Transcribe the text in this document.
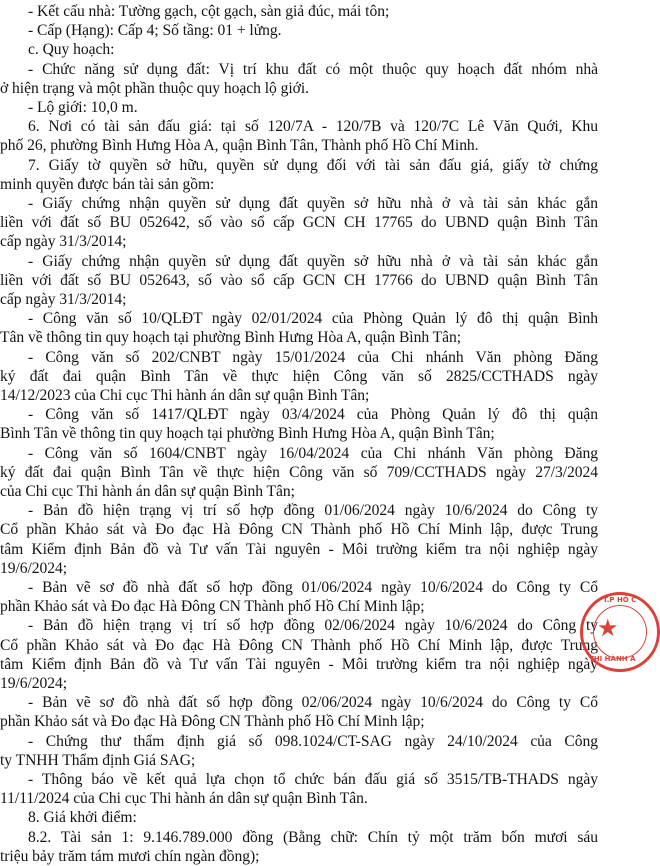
- Kết cấu nhà: Tường gạch, cột gạch, sàn giả đúc, mái tôn;
- Cấp (Hạng): Cấp 4; Số tầng: 01 + lửng.
c. Quy hoạch:
- Chức năng sử dụng đất: Vị trí khu đất có một thuộc quy hoạch đất nhóm nhà
ở hiện trạng và một phần thuộc quy hoạch lộ giới.
- Lộ giới: 10,0 m.
6. Nơi có tài sản đấu giá: tại số 120/7A - 120/7B và 120/7C Lê Văn Quới, Khu
phố 26, phường Bình Hưng Hòa A, quận Bình Tân, Thành phố Hồ Chí Minh.
7. Giấy tờ quyền sở hữu, quyền sử dụng đối với tài sản đấu giá, giấy tờ chứng
minh quyền được bán tài sản gồm:
- Giấy chứng nhận quyền sử dụng đất quyền sở hữu nhà ở và tài sản khác gắn
liền với đất số BU 052642, số vào sổ cấp GCN CH 17765 do UBND quận Bình Tân
cấp ngày 31/3/2014;
- Giấy chứng nhận quyền sử dụng đất quyền sở hữu nhà ở và tài sản khác gắn
liền với đất số BU 052643, số vào sổ cấp GCN CH 17766 do UBND quận Bình Tân
cấp ngày 31/3/2014;
- Công văn số 10/QLĐT ngày 02/01/2024 của Phòng Quản lý đô thị quận Bình
Tân về thông tin quy hoạch tại phường Bình Hưng Hòa A, quận Bình Tân;
- Công văn số 202/CNBT ngày 15/01/2024 của Chi nhánh Văn phòng Đăng
ký đất đai quận Bình Tân về thực hiện Công văn số 2825/CCTHADS ngày
14/12/2023 của Chi cục Thi hành án dân sự quận Bình Tân;
- Công văn số 1417/QLĐT ngày 03/4/2024 của Phòng Quản lý đô thị quận
Bình Tân về thông tin quy hoạch tại phường Bình Hưng Hòa A, quận Bình Tân;
- Công văn số 1604/CNBT ngày 16/04/2024 của Chi nhánh Văn phòng Đăng
ký đất đai quận Bình Tân về thực hiện Công văn số 709/CCTHADS ngày 27/3/2024
của Chi cục Thi hành án dân sự quận Bình Tân;
- Bản đồ hiện trạng vị trí số hợp đồng 01/06/2024 ngày 10/6/2024 do Công ty
Cổ phần Khảo sát và Đo đạc Hà Đông CN Thành phố Hồ Chí Minh lập, được Trung
tâm Kiểm định Bản đồ và Tư vấn Tài nguyên - Môi trường kiểm tra nội nghiệp ngày
19/6/2024;
- Bản vẽ sơ đồ nhà đất số hợp đồng 01/06/2024 ngày 10/6/2024 do Công ty Cổ
phần Khảo sát và Đo đạc Hà Đông CN Thành phố Hồ Chí Minh lập;
- Bản đồ hiện trạng vị trí số hợp đồng 02/06/2024 ngày 10/6/2024 do Công ty
Cổ phần Khảo sát và Đo đạc Hà Đông CN Thành phố Hồ Chí Minh lập, được Trung
tâm Kiểm định Bản đồ và Tư vấn Tài nguyên - Môi trường kiểm tra nội nghiệp ngày
19/6/2024;
- Bản vẽ sơ đồ nhà đất số hợp đồng 02/06/2024 ngày 10/6/2024 do Công ty Cổ
phần Khảo sát và Đo đạc Hà Đông CN Thành phố Hồ Chí Minh lập;
- Chứng thư thẩm định giá số 098.1024/CT-SAG ngày 24/10/2024 của Công
ty TNHH Thẩm định Giá SAG;
- Thông báo về kết quả lựa chọn tổ chức bán đấu giá số 3515/TB-THADS ngày
11/11/2024 của Chi cục Thi hành án dân sự quận Bình Tân.
8. Giá khởi điểm:
8.2. Tài sản 1: 9.146.789.000 đồng (Bằng chữ: Chín tỷ một trăm bốn mươi sáu
triệu bảy trăm tám mươi chín ngàn đồng);
T.P HỒ C
★
THI HÀNH Á
